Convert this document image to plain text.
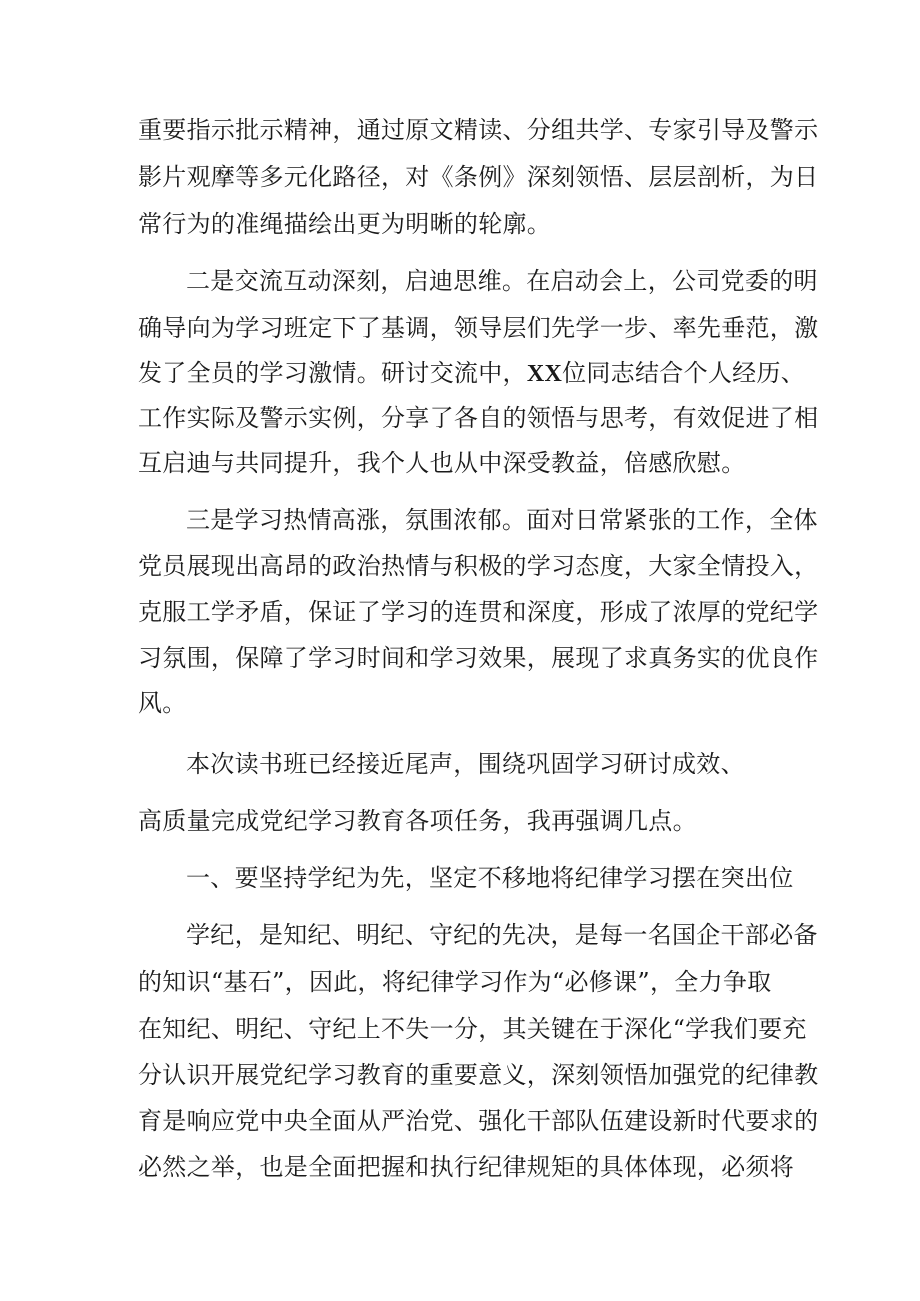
重要指示批示精神，通过原文精读、分组共学、专家引导及警示
影片观摩等多元化路径，对《条例》深刻领悟、层层剖析，为日
常行为的准绳描绘出更为明晰的轮廓。
二是交流互动深刻，启迪思维。在启动会上，公司党委的明
确导向为学习班定下了基调，领导层们先学一步、率先垂范，激
发了全员的学习激情。研讨交流中，XX位同志结合个人经历、
工作实际及警示实例，分享了各自的领悟与思考，有效促进了相
互启迪与共同提升，我个人也从中深受教益，倍感欣慰。
三是学习热情高涨，氛围浓郁。面对日常紧张的工作，全体
党员展现出高昂的政治热情与积极的学习态度，大家全情投入，
克服工学矛盾，保证了学习的连贯和深度，形成了浓厚的党纪学
习氛围，保障了学习时间和学习效果，展现了求真务实的优良作
风。
本次读书班已经接近尾声，围绕巩固学习研讨成效、
高质量完成党纪学习教育各项任务，我再强调几点。
一、要坚持学纪为先，坚定不移地将纪律学习摆在突出位
学纪，是知纪、明纪、守纪的先决，是每一名国企干部必备
的知识“基石”，因此，将纪律学习作为“必修课”，全力争取
在知纪、明纪、守纪上不失一分，其关键在于深化“学我们要充
分认识开展党纪学习教育的重要意义，深刻领悟加强党的纪律教
育是响应党中央全面从严治党、强化干部队伍建设新时代要求的
必然之举，也是全面把握和执行纪律规矩的具体体现，必须将
